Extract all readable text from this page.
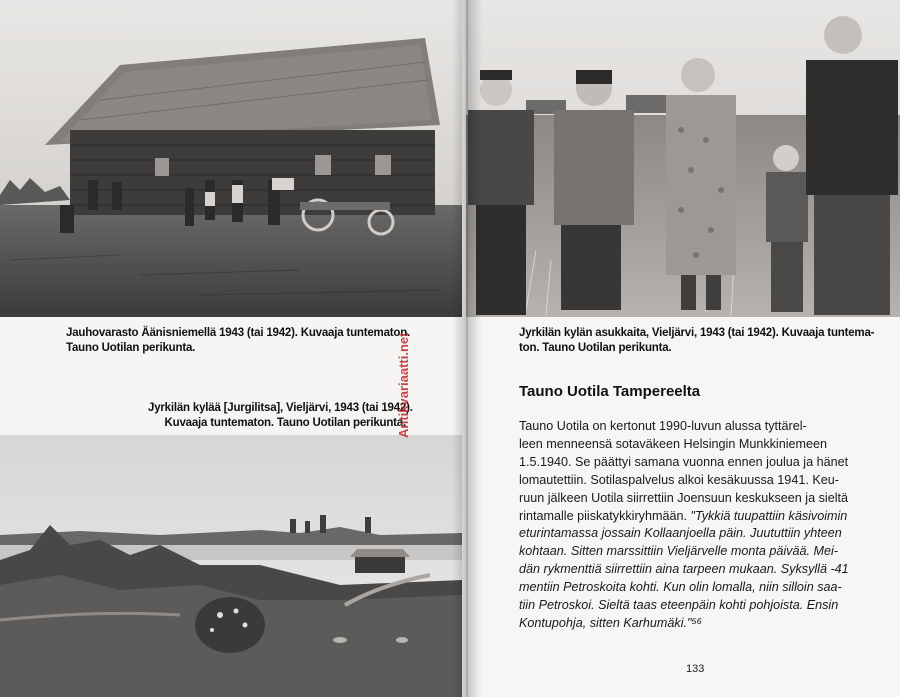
Jauhovarasto Äänisniemellä 1943 (tai 1942). Kuvaaja tuntematon.
Tauno Uotilan perikunta.
Jyrkilän kylää [Jurgilitsa], Vieljärvi, 1943 (tai 1942).
Kuvaaja tuntematon. Tauno Uotilan perikunta.
Antikvariaatti.net	Jyrkilän kylän asukkaita, Vieljärvi, 1943 (tai 1942). Kuvaaja tuntema-
ton. Tauno Uotilan perikunta.
Tauno Uotila Tampereelta
Tauno Uotila on kertonut 1990-luvun alussa tyttärel-
leen menneensä sotaväkeen Helsingin Munkkiniemeen
1.5.1940. Se päättyi samana vuonna ennen joulua ja hänet
lomautettiin. Sotilaspalvelus alkoi kesäkuussa 1941. Keu-
ruun jälkeen Uotila siirrettiin Joensuun keskukseen ja sieltä
rintamalle piiskatykkiryhmään. "Tykkiä tuupattiin käsivoimin
eturintamassa jossain Kollaanjoella päin. Juututtiin yhteen
kohtaan. Sitten marssittiin Vieljärvelle monta päivää. Mei-
dän rykmenttiä siirrettiin aina tarpeen mukaan. Syksyllä -41
mentiin Petroskoita kohti. Kun olin lomalla, niin silloin saa-
tiin Petroskoi. Sieltä taas eteenpäin kohti pohjoista. Ensin
Kontupohja, sitten Karhumäki."⁵⁶
133
